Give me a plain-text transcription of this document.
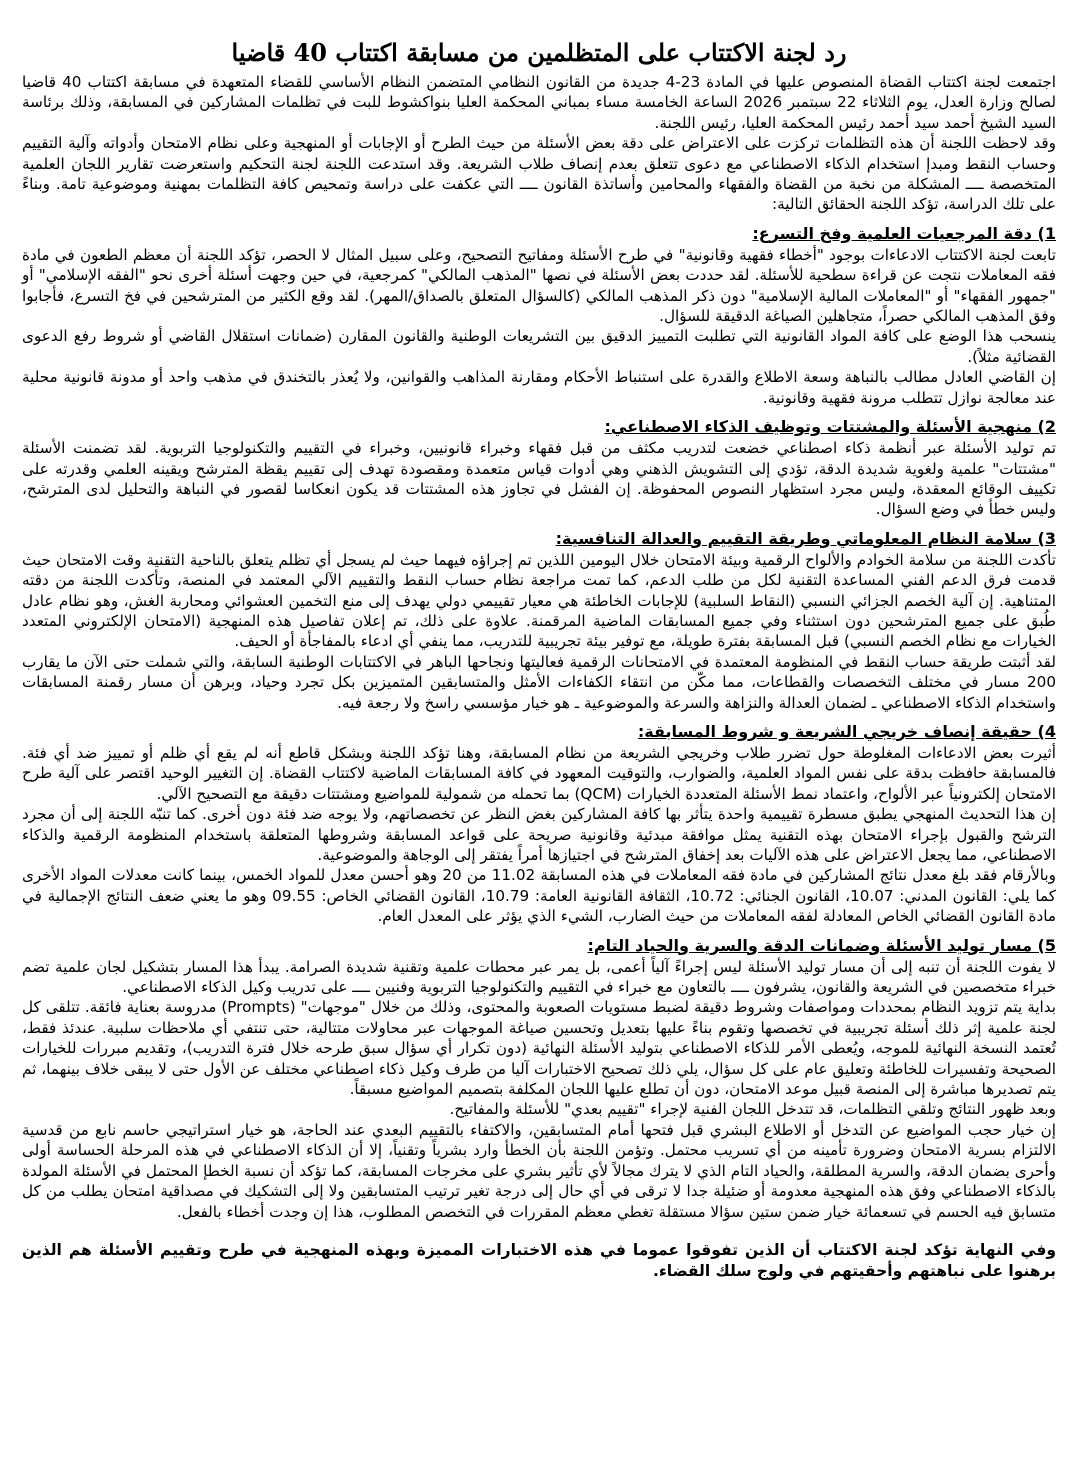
رد لجنة الاكتتاب على المتظلمين من مسابقة اكتتاب 40 قاضيا

اجتمعت لجنة اكتتاب القضاة المنصوص عليها في المادة 23-4 جديدة من القانون النظامي المتضمن النظام الأساسي للقضاء المتعهدة في مسابقة اكتتاب 40 قاضيا لصالح وزارة العدل، يوم الثلاثاء 22 سبتمبر 2026 الساعة الخامسة مساء بمباني المحكمة العليا بنواكشوط للبت في تظلمات المشاركين في المسابقة، وذلك برئاسة السيد الشيخ أحمد سيد أحمد رئيس المحكمة العليا، رئيس اللجنة.

وقد لاحظت اللجنة أن هذه التظلمات تركزت على الاعتراض على دقة بعض الأسئلة من حيث الطرح أو الإجابات أو المنهجية وعلى نظام الامتحان وأدواته وآلية التقييم وحساب النقط ومبدإ استخدام الذكاء الاصطناعي مع دعوى تتعلق بعدم إنصاف طلاب الشريعة. وقد استدعت اللجنة لجنة التحكيم واستعرضت تقارير اللجان العلمية المتخصصة ــــ المشكلة من نخبة من القضاة والفقهاء والمحامين وأساتذة القانون ــــ التي عكفت على دراسة وتمحيص كافة التظلمات بمهنية وموضوعية تامة. وبناءً على تلك الدراسة، تؤكد اللجنة الحقائق التالية:

1) دقة المرجعيات العلمية وفخ التسرع:

تابعت لجنة الاكتتاب الادعاءات بوجود "أخطاء فقهية وقانونية" في طرح الأسئلة ومفاتيح التصحيح، وعلى سبيل المثال لا الحصر، تؤكد اللجنة أن معظم الطعون في مادة فقه المعاملات نتجت عن قراءة سطحية للأسئلة. لقد حددت بعض الأسئلة في نصها "المذهب المالكي" كمرجعية، في حين وجهت أسئلة أخرى نحو "الفقه الإسلامي" أو "جمهور الفقهاء" أو "المعاملات المالية الإسلامية" دون ذكر المذهب المالكي (كالسؤال المتعلق بالصداق/المهر). لقد وقع الكثير من المترشحين في فخ التسرع، فأجابوا وفق المذهب المالكي حصراً، متجاهلين الصياغة الدقيقة للسؤال.

ينسحب هذا الوضع على كافة المواد القانونية التي تطلبت التمييز الدقيق بين التشريعات الوطنية والقانون المقارن (ضمانات استقلال القاضي أو شروط رفع الدعوى القضائية مثلاً).

إن القاضي العادل مطالب بالنباهة وسعة الاطلاع والقدرة على استنباط الأحكام ومقارنة المذاهب والقوانين، ولا يُعذر بالتخندق في مذهب واحد أو مدونة قانونية محلية عند معالجة نوازل تتطلب مرونة فقهية وقانونية.

2) منهجية الأسئلة والمشتتات وتوظيف الذكاء الاصطناعي:

تم توليد الأسئلة عبر أنظمة ذكاء اصطناعي خضعت لتدريب مكثف من قبل فقهاء وخبراء قانونيين، وخبراء في التقييم والتكنولوجيا التربوية. لقد تضمنت الأسئلة "مشتتات" علمية ولغوية شديدة الدقة، تؤدي إلى التشويش الذهني وهي أدوات قياس متعمدة ومقصودة تهدف إلى تقييم يقظة المترشح ويقينه العلمي وقدرته على تكييف الوقائع المعقدة، وليس مجرد استظهار النصوص المحفوظة. إن الفشل في تجاوز هذه المشتتات قد يكون انعكاسا لقصور في النباهة والتحليل لدى المترشح، وليس خطأ في وضع السؤال.

3) سلامة النظام المعلوماتي وطريقة التقييم والعدالة التنافسية:

تأكدت اللجنة من سلامة الخوادم والألواح الرقمية وبيئة الامتحان خلال اليومين اللذين تم إجراؤه فيهما حيث لم يسجل أي تظلم يتعلق بالناحية التقنية وقت الامتحان حيث قدمت فرق الدعم الفني المساعدة التقنية لكل من طلب الدعم، كما تمت مراجعة نظام حساب النقط والتقييم الآلي المعتمد في المنصة، وتأكدت اللجنة من دقته المتناهية. إن آلية الخصم الجزائي النسبي (النقاط السلبية) للإجابات الخاطئة هي معيار تقييمي دولي يهدف إلى منع التخمين العشوائي ومحاربة الغش، وهو نظام عادل طُبق على جميع المترشحين دون استثناء وفي جميع المسابقات الماضية المرقمنة. علاوة على ذلك، تم إعلان تفاصيل هذه المنهجية (الامتحان الإلكتروني المتعدد الخيارات مع نظام الخصم النسبي) قبل المسابقة بفترة طويلة، مع توفير بيئة تجريبية للتدريب، مما ينفي أي ادعاء بالمفاجأة أو الحيف.

لقد أثبتت طريقة حساب النقط في المنظومة المعتمدة في الامتحانات الرقمية فعاليتها ونجاحها الباهر في الاكتتابات الوطنية السابقة، والتي شملت حتى الآن ما يقارب 200 مسار في مختلف التخصصات والقطاعات، مما مكّن من انتقاء الكفاءات الأمثل والمتسابقين المتميزين بكل تجرد وحياد، وبرهن أن مسار رقمنة المسابقات واستخدام الذكاء الاصطناعي ـ لضمان العدالة والنزاهة والسرعة والموضوعية ـ هو خيار مؤسسي راسخ ولا رجعة فيه.

4) حقيقة إنصاف خريجي الشريعة و شروط المسابقة:

أثيرت بعض الادعاءات المغلوطة حول تضرر طلاب وخريجي الشريعة من نظام المسابقة، وهنا تؤكد اللجنة وبشكل قاطع أنه لم يقع أي ظلم أو تمييز ضد أي فئة. فالمسابقة حافظت بدقة على نفس المواد العلمية، والضوارب، والتوقيت المعهود في كافة المسابقات الماضية لاكتتاب القضاة. إن التغيير الوحيد اقتصر على آلية طرح الامتحان إلكترونياً عبر الألواح، واعتماد نمط الأسئلة المتعددة الخيارات (QCM) بما تحمله من شمولية للمواضيع ومشتتات دقيقة مع التصحيح الآلي.

إن هذا التحديث المنهجي يطبق مسطرة تقييمية واحدة يتأثر بها كافة المشاركين بغض النظر عن تخصصاتهم، ولا يوجه ضد فئة دون أخرى. كما تنبّه اللجنة إلى أن مجرد الترشح والقبول بإجراء الامتحان بهذه التقنية يمثل موافقة مبدئية وقانونية صريحة على قواعد المسابقة وشروطها المتعلقة باستخدام المنظومة الرقمية والذكاء الاصطناعي، مما يجعل الاعتراض على هذه الآليات بعد إخفاق المترشح في اجتيازها أمراً يفتقر إلى الوجاهة والموضوعية.

وبالأرقام فقد بلغ معدل نتائج المشاركين في مادة فقه المعاملات في هذه المسابقة 11.02 من 20 وهو أحسن معدل للمواد الخمس، بينما كانت معدلات المواد الأخرى كما يلي: القانون المدني: 10.07، القانون الجنائي: 10.72، الثقافة القانونية العامة: 10.79، القانون القضائي الخاص: 09.55 وهو ما يعني ضعف النتائج الإجمالية في مادة القانون القضائي الخاص المعادلة لفقه المعاملات من حيث الضارب، الشيء الذي يؤثر على المعدل العام.

5) مسار توليد الأسئلة وضمانات الدقة والسرية والحياد التام:

لا يفوت اللجنة أن تنبه إلى أن مسار توليد الأسئلة ليس إجراءً آلياً أعمى، بل يمر عبر محطات علمية وتقنية شديدة الصرامة. يبدأ هذا المسار بتشكيل لجان علمية تضم خبراء متخصصين في الشريعة والقانون، يشرفون ــــ بالتعاون مع خبراء في التقييم والتكنولوجيا التربوية وفنيين ــــ على تدريب وكيل الذكاء الاصطناعي.

بداية يتم تزويد النظام بمحددات ومواصفات وشروط دقيقة لضبط مستويات الصعوبة والمحتوى، وذلك من خلال "موجهات" (Prompts) مدروسة بعناية فائقة. تتلقى كل لجنة علمية إثر ذلك أسئلة تجريبية في تخصصها وتقوم بناءً عليها بتعديل وتحسين صياغة الموجهات عبر محاولات متتالية، حتى تنتفي أي ملاحظات سلبية. عندئذ فقط، تُعتمد النسخة النهائية للموجه، ويُعطى الأمر للذكاء الاصطناعي بتوليد الأسئلة النهائية (دون تكرار أي سؤال سبق طرحه خلال فترة التدريب)، وتقديم مبررات للخيارات الصحيحة وتفسيرات للخاطئة وتعليق عام على كل سؤال، يلي ذلك تصحيح الاختبارات آليا من طرف وكيل ذكاء اصطناعي مختلف عن الأول حتى لا يبقى خلاف بينهما، ثم يتم تصديرها مباشرة إلى المنصة قبيل موعد الامتحان، دون أن تطلع عليها اللجان المكلفة بتصميم المواضيع مسبقاً.

وبعد ظهور النتائج وتلقي التظلمات، قد تتدخل اللجان الفنية لإجراء "تقييم بعدي" للأسئلة والمفاتيح.

إن خيار حجب المواضيع عن التدخل أو الاطلاع البشري قبل فتحها أمام المتسابقين، والاكتفاء بالتقييم البعدي عند الحاجة، هو خيار استراتيجي حاسم نابع من قدسية الالتزام بسرية الامتحان وضرورة تأمينه من أي تسريب محتمل. وتؤمن اللجنة بأن الخطأ وارد بشرياً وتقنياً، إلا أن الذكاء الاصطناعي في هذه المرحلة الحساسة أولى وأحرى بضمان الدقة، والسرية المطلقة، والحياد التام الذي لا يترك مجالاً لأي تأثير بشري على مخرجات المسابقة، كما تؤكد أن نسبة الخطإ المحتمل في الأسئلة المولدة بالذكاء الاصطناعي وفق هذه المنهجية معدومة أو ضئيلة جدا لا ترقى في أي حال إلى درجة تغير ترتيب المتسابقين ولا إلى التشكيك في مصداقية امتحان يطلب من كل متسابق فيه الحسم في تسعمائة خيار ضمن ستين سؤالا مستقلة تغطي معظم المقررات في التخصص المطلوب، هذا إن وجدت أخطاء بالفعل.

وفي النهاية تؤكد لجنة الاكتتاب أن الذين تفوقوا عموما في هذه الاختبارات المميزة وبهذه المنهجية في طرح وتقييم الأسئلة هم الذين برهنوا على نباهتهم وأحقيتهم في ولوج سلك القضاء.
